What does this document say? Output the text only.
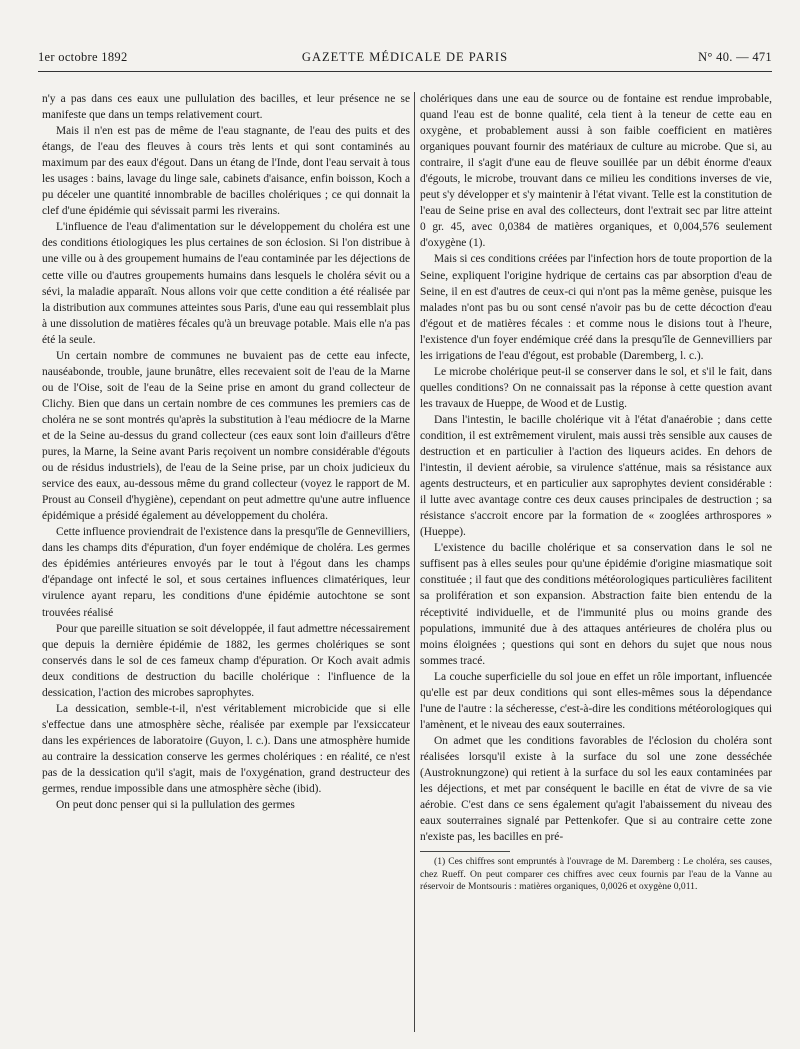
1er octobre 1892	GAZETTE MÉDICALE DE PARIS	N° 40. — 471

n'y a pas dans ces eaux une pullulation des bacilles, et leur présence ne se manifeste que dans un temps relativement court.

Mais il n'en est pas de même de l'eau stagnante, de l'eau des puits et des étangs, de l'eau des fleuves à cours très lents et qui sont contaminés au maximum par des eaux d'égout. Dans un étang de l'Inde, dont l'eau servait à tous les usages : bains, lavage du linge sale, cabinets d'aisance, enfin boisson, Koch a pu déceler une quantité innombrable de bacilles cholériques ; ce qui donnait la clef d'une épidémie qui sévissait parmi les riverains.

L'influence de l'eau d'alimentation sur le développement du choléra est une des conditions étiologiques les plus certaines de son éclosion. Si l'on distribue à une ville ou à des groupement humains de l'eau contaminée par les déjections de cette ville ou d'autres groupements humains dans lesquels le choléra sévit ou a sévi, la maladie apparaît. Nous allons voir que cette condition a été réalisée par la distribution aux communes atteintes sous Paris, d'une eau qui ressemblait plus à une dissolution de matières fécales qu'à un breuvage potable. Mais elle n'a pas été la seule.

Un certain nombre de communes ne buvaient pas de cette eau infecte, nauséabonde, trouble, jaune brunâtre, elles recevaient soit de l'eau de la Marne ou de l'Oise, soit de l'eau de la Seine prise en amont du grand collecteur de Clichy. Bien que dans un certain nombre de ces communes les premiers cas de choléra ne se sont montrés qu'après la substitution à l'eau médiocre de la Marne et de la Seine au-dessus du grand collecteur (ces eaux sont loin d'ailleurs d'être pures, la Marne, la Seine avant Paris reçoivent un nombre considérable d'égouts ou de résidus industriels), de l'eau de la Seine prise, par un choix judicieux du service des eaux, au-dessous même du grand collecteur (voyez le rapport de M. Proust au Conseil d'hygiène), cependant on peut admettre qu'une autre influence épidémique a présidé également au développement du choléra.

Cette influence proviendrait de l'existence dans la presqu'île de Gennevilliers, dans les champs dits d'épuration, d'un foyer endémique de choléra. Les germes des épidémies antérieures envoyés par le tout à l'égout dans les champs d'épandage ont infecté le sol, et sous certaines influences climatériques, leur virulence ayant reparu, les conditions d'une épidémie autochtone se sont trouvées réalisé

Pour que pareille situation se soit développée, il faut admettre nécessairement que depuis la dernière épidémie de 1882, les germes cholériques se sont conservés dans le sol de ces fameux champ d'épuration. Or Koch avait admis deux conditions de destruction du bacille cholérique : l'influence de la dessication, l'action des microbes saprophytes.

La dessication, semble-t-il, n'est véritablement microbicide que si elle s'effectue dans une atmosphère sèche, réalisée par exemple par l'exsiccateur dans les expériences de laboratoire (Guyon, l. c.). Dans une atmosphère humide au contraire la dessication conserve les germes cholériques : en réalité, ce n'est pas de la dessication qu'il s'agit, mais de l'oxygénation, grand destructeur des germes, rendue impossible dans une atmosphère sèche (ibid).

On peut donc penser qui si la pullulation des germes

cholériques dans une eau de source ou de fontaine est rendue improbable, quand l'eau est de bonne qualité, cela tient à la teneur de cette eau en oxygène, et probablement aussi à son faible coefficient en matières organiques pouvant fournir des matériaux de culture au microbe. Que si, au contraire, il s'agit d'une eau de fleuve souillée par un débit énorme d'eaux d'égouts, le microbe, trouvant dans ce milieu les conditions inverses de vie, peut s'y développer et s'y maintenir à l'état vivant. Telle est la constitution de l'eau de Seine prise en aval des collecteurs, dont l'extrait sec par litre atteint 0 gr. 45, avec 0,0384 de matières organiques, et 0,004,576 seulement d'oxygène (1).

Mais si ces conditions créées par l'infection hors de toute proportion de la Seine, expliquent l'origine hydrique de certains cas par absorption d'eau de Seine, il en est d'autres de ceux-ci qui n'ont pas la même genèse, puisque les malades n'ont pas bu ou sont censé n'avoir pas bu de cette décoction d'eau d'égout et de matières fécales : et comme nous le disions tout à l'heure, l'existence d'un foyer endémique créé dans la presqu'île de Gennevilliers par les irrigations de l'eau d'égout, est probable (Daremberg, l. c.).

Le microbe cholérique peut-il se conserver dans le sol, et s'il le fait, dans quelles conditions? On ne connaissait pas la réponse à cette question avant les travaux de Hueppe, de Wood et de Lustig.

Dans l'intestin, le bacille cholérique vit à l'état d'anaérobie ; dans cette condition, il est extrêmement virulent, mais aussi très sensible aux causes de destruction et en particulier à l'action des liqueurs acides. En dehors de l'intestin, il devient aérobie, sa virulence s'atténue, mais sa résistance aux agents destructeurs, et en particulier aux saprophytes devient considérable : il lutte avec avantage contre ces deux causes principales de destruction ; sa résistance s'accroit encore par la formation de « zooglées arthrospores » (Hueppe).

L'existence du bacille cholérique et sa conservation dans le sol ne suffisent pas à elles seules pour qu'une épidémie d'origine miasmatique soit constituée ; il faut que des conditions météorologiques particulières facilitent sa prolifération et son expansion. Abstraction faite bien entendu de la réceptivité individuelle, et de l'immunité plus ou moins grande des populations, immunité due à des attaques antérieures de choléra plus ou moins éloignées ; questions qui sont en dehors du sujet que nous nous sommes tracé.

La couche superficielle du sol joue en effet un rôle important, influencée qu'elle est par deux conditions qui sont elles-mêmes sous la dépendance l'une de l'autre : la sécheresse, c'est-à-dire les conditions météorologiques qui l'amènent, et le niveau des eaux souterraines.

On admet que les conditions favorables de l'éclosion du choléra sont réalisées lorsqu'il existe à la surface du sol une zone desséchée (Austroknungzone) qui retient à la surface du sol les eaux contaminées par les déjections, et met par conséquent le bacille en état de vivre de sa vie aérobie. C'est dans ce sens également qu'agit l'abaissement du niveau des eaux souterraines signalé par Pettenkofer. Que si au contraire cette zone n'existe pas, les bacilles en pré-

(1) Ces chiffres sont empruntés à l'ouvrage de M. Daremberg : Le choléra, ses causes, chez Rueff. On peut comparer ces chiffres avec ceux fournis par l'eau de la Vanne au réservoir de Montsouris : matières organiques, 0,0026 et oxygène 0,011.
